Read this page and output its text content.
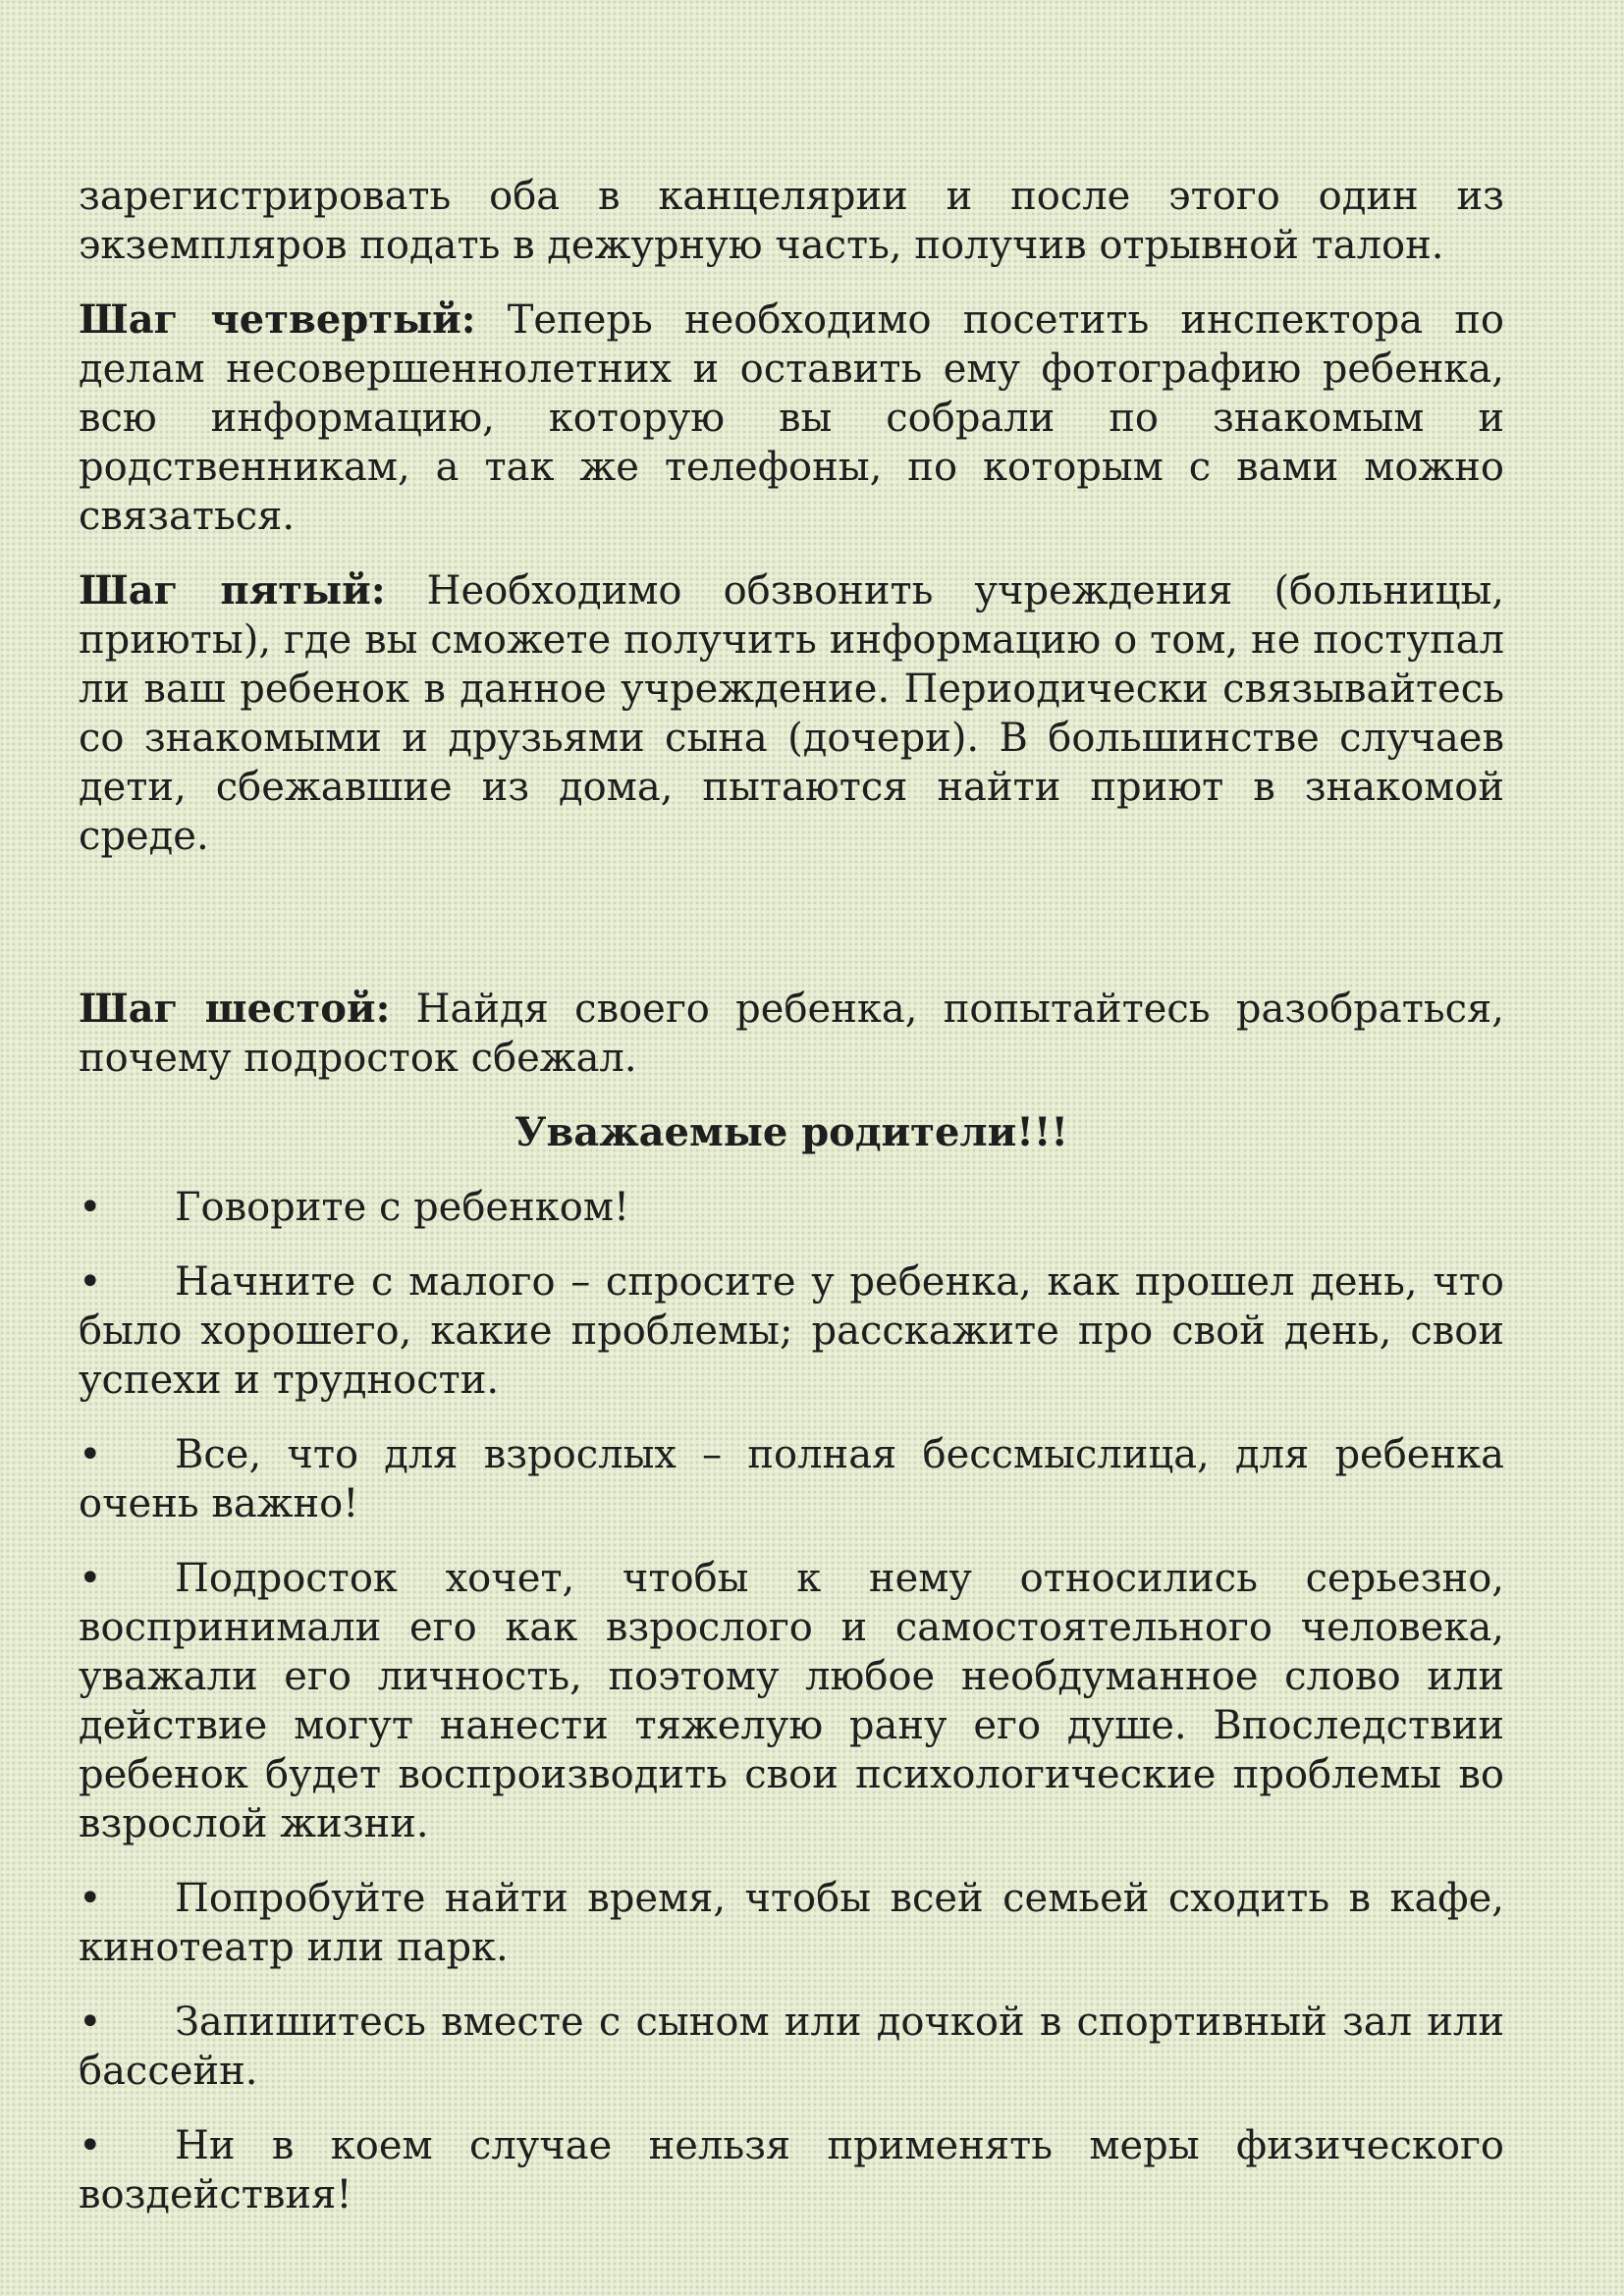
зарегистрировать оба в канцелярии и после этого один из экземпляров подать в дежурную часть, получив отрывной талон.

Шаг четвертый: Теперь необходимо посетить инспектора по делам несовершеннолетних и оставить ему фотографию ребенка, всю информацию, которую вы собрали по знакомым и родственникам, а так же телефоны, по которым с вами можно связаться.

Шаг пятый: Необходимо обзвонить учреждения (больницы, приюты), где вы сможете получить информацию о том, не поступал ли ваш ребенок в данное учреждение. Периодически связывайтесь со знакомыми и друзьями сына (дочери). В большинстве случаев дети, сбежавшие из дома, пытаются найти приют в знакомой среде.

Шаг шестой: Найдя своего ребенка, попытайтесь разобраться, почему подросток сбежал.

Уважаемые родители!!!

• Говорите с ребенком!

• Начните с малого – спросите у ребенка, как прошел день, что было хорошего, какие проблемы; расскажите про свой день, свои успехи и трудности.

• Все, что для взрослых – полная бессмыслица, для ребенка очень важно!

• Подросток хочет, чтобы к нему относились серьезно, воспринимали его как взрослого и самостоятельного человека, уважали его личность, поэтому любое необдуманное слово или действие могут нанести тяжелую рану его душе. Впоследствии ребенок будет воспроизводить свои психологические проблемы во взрослой жизни.

• Попробуйте найти время, чтобы всей семьей сходить в кафе, кинотеатр или парк.

• Запишитесь вместе с сыном или дочкой в спортивный зал или бассейн.

• Ни в коем случае нельзя применять меры физического воздействия!
